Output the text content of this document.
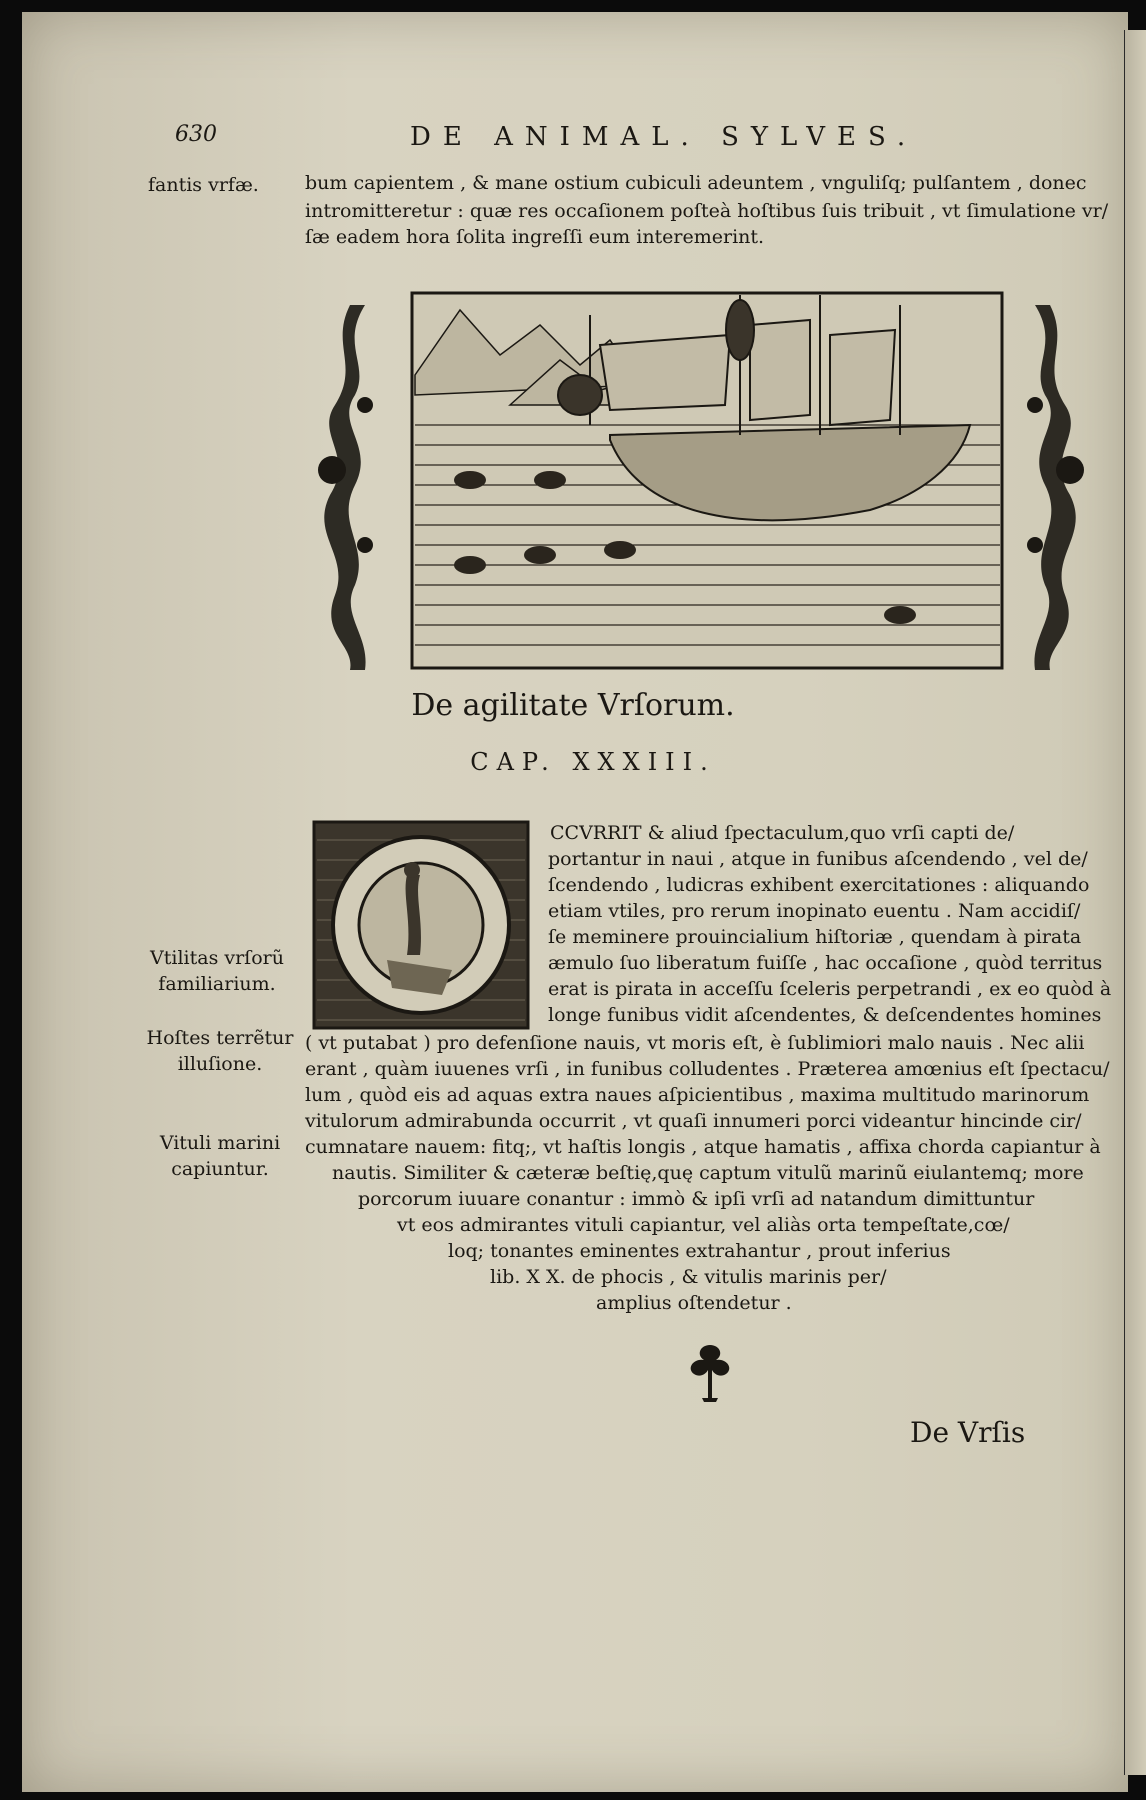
630	DE ANIMAL. SYLVES.
fantis vrfæ. bum capientem , & mane ostium cubiculi adeuntem , vnguliſq; pulſantem , donec
intromitteretur : quæ res occaſionem poſteà hoſtibus ſuis tribuit , vt ſimulatione vr/
ſæ eadem hora ſolita ingreſſi eum interemerint.
De agilitate Vrſorum.
CAP. XXXIII.
Vtilitas vrſorũ
familiarium.
Hoſtes terrẽtur
illuſione.
Vituli marini
capiuntur.
CCVRRIT & aliud ſpectaculum,quo vrſi capti de/
portantur in naui , atque in funibus aſcendendo , vel de/
ſcendendo , ludicras exhibent exercitationes : aliquando
etiam vtiles, pro rerum inopinato euentu . Nam accidiſ/
ſe meminere prouincialium hiſtoriæ , quendam à pirata
æmulo ſuo liberatum fuiſſe , hac occaſione , quòd territus
erat is pirata in acceſſu ſceleris perpetrandi , ex eo quòd à
longe funibus vidit aſcendentes, & deſcendentes homines
( vt putabat ) pro defenſione nauis, vt moris eſt, è ſublimiori malo nauis . Nec alii
erant , quàm iuuenes vrſi , in funibus colludentes . Præterea amœnius eſt ſpectacu/
lum , quòd eis ad aquas extra naues aſpicientibus , maxima multitudo marinorum
vitulorum admirabunda occurrit , vt quaſi innumeri porci videantur hincinde cir/
cumnatare nauem: fitq;, vt haſtis longis , atque hamatis , affixa chorda capiantur à
nautis. Similiter & cæteræ beſtię,quę captum vitulũ marinũ eiulantemq; more
porcorum iuuare conantur : immò & ipſi vrſi ad natandum dimittuntur
vt eos admirantes vituli capiantur, vel aliàs orta tempeſtate,cœ/
loq; tonantes eminentes extrahantur , prout inferius
lib. X X. de phocis , & vitulis marinis per/
amplius oſtendetur .
De Vrſis
